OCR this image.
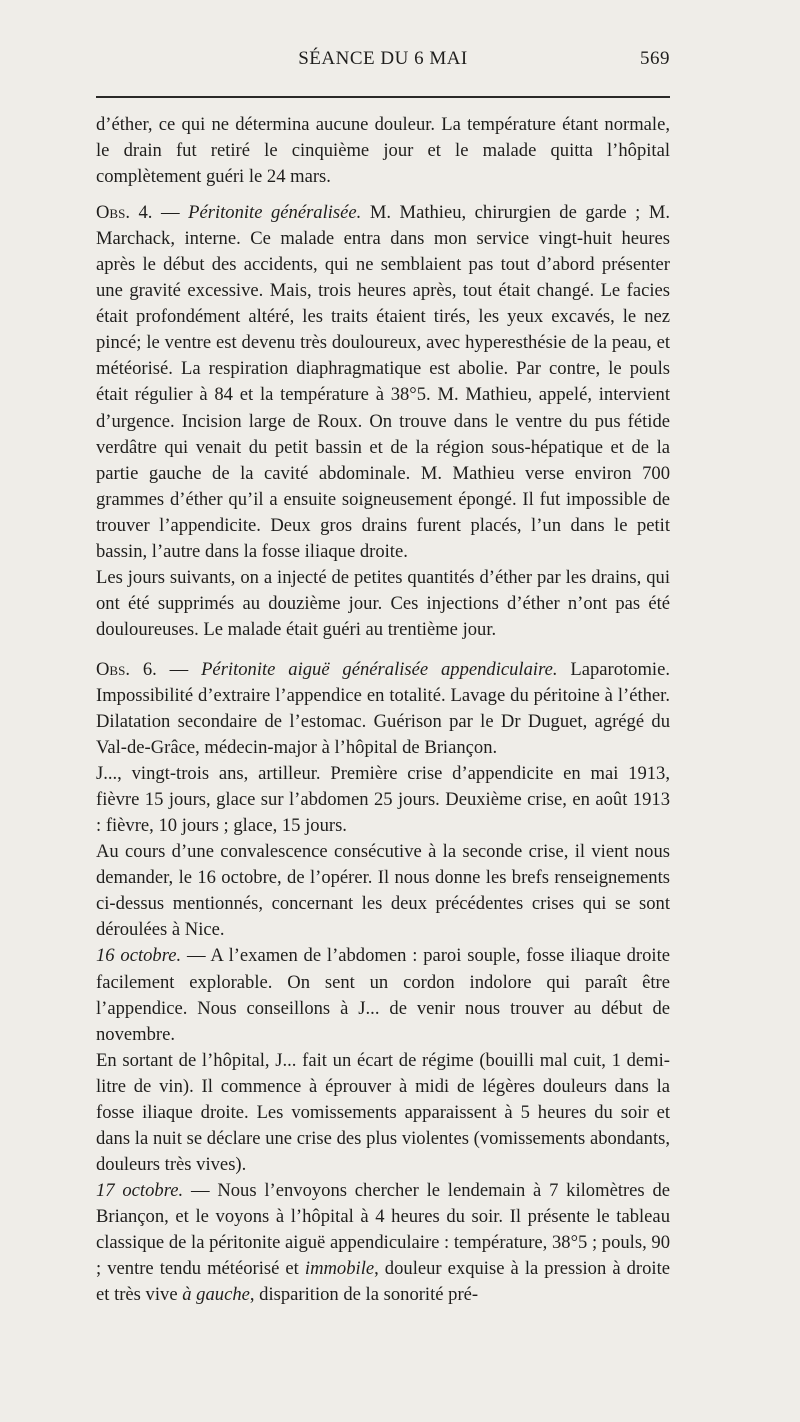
SÉANCE DU 6 MAI	569

d’éther, ce qui ne détermina aucune douleur. La température étant normale, le drain fut retiré le cinquième jour et le malade quitta l’hôpital complètement guéri le 24 mars.

Obs. 4. — Péritonite généralisée. M. Mathieu, chirurgien de garde ; M. Marchack, interne. Ce malade entra dans mon service vingt-huit heures après le début des accidents, qui ne semblaient pas tout d’abord présenter une gravité excessive. Mais, trois heures après, tout était changé. Le facies était profondément altéré, les traits étaient tirés, les yeux excavés, le nez pincé; le ventre est devenu très douloureux, avec hyperesthésie de la peau, et météorisé. La respiration diaphragmatique est abolie. Par contre, le pouls était régulier à 84 et la température à 38°5. M. Mathieu, appelé, intervient d’urgence. Incision large de Roux. On trouve dans le ventre du pus fétide verdâtre qui venait du petit bassin et de la région sous-hépatique et de la partie gauche de la cavité abdominale. M. Mathieu verse environ 700 grammes d’éther qu’il a ensuite soigneusement épongé. Il fut impossible de trouver l’appendicite. Deux gros drains furent placés, l’un dans le petit bassin, l’autre dans la fosse iliaque droite.

Les jours suivants, on a injecté de petites quantités d’éther par les drains, qui ont été supprimés au douzième jour. Ces injections d’éther n’ont pas été douloureuses. Le malade était guéri au trentième jour.

Obs. 6. — Péritonite aiguë généralisée appendiculaire. Laparotomie. Impossibilité d’extraire l’appendice en totalité. Lavage du péritoine à l’éther. Dilatation secondaire de l’estomac. Guérison par le Dr Duguet, agrégé du Val-de-Grâce, médecin-major à l’hôpital de Briançon.

J..., vingt-trois ans, artilleur. Première crise d’appendicite en mai 1913, fièvre 15 jours, glace sur l’abdomen 25 jours. Deuxième crise, en août 1913 : fièvre, 10 jours ; glace, 15 jours.

Au cours d’une convalescence consécutive à la seconde crise, il vient nous demander, le 16 octobre, de l’opérer. Il nous donne les brefs renseignements ci-dessus mentionnés, concernant les deux précédentes crises qui se sont déroulées à Nice.

16 octobre. — A l’examen de l’abdomen : paroi souple, fosse iliaque droite facilement explorable. On sent un cordon indolore qui paraît être l’appendice. Nous conseillons à J... de venir nous trouver au début de novembre.

En sortant de l’hôpital, J... fait un écart de régime (bouilli mal cuit, 1 demi-litre de vin). Il commence à éprouver à midi de légères douleurs dans la fosse iliaque droite. Les vomissements apparaissent à 5 heures du soir et dans la nuit se déclare une crise des plus violentes (vomissements abondants, douleurs très vives).

17 octobre. — Nous l’envoyons chercher le lendemain à 7 kilomètres de Briançon, et le voyons à l’hôpital à 4 heures du soir. Il présente le tableau classique de la péritonite aiguë appendiculaire : température, 38°5 ; pouls, 90 ; ventre tendu météorisé et immobile, douleur exquise à la pression à droite et très vive à gauche, disparition de la sonorité pré-
